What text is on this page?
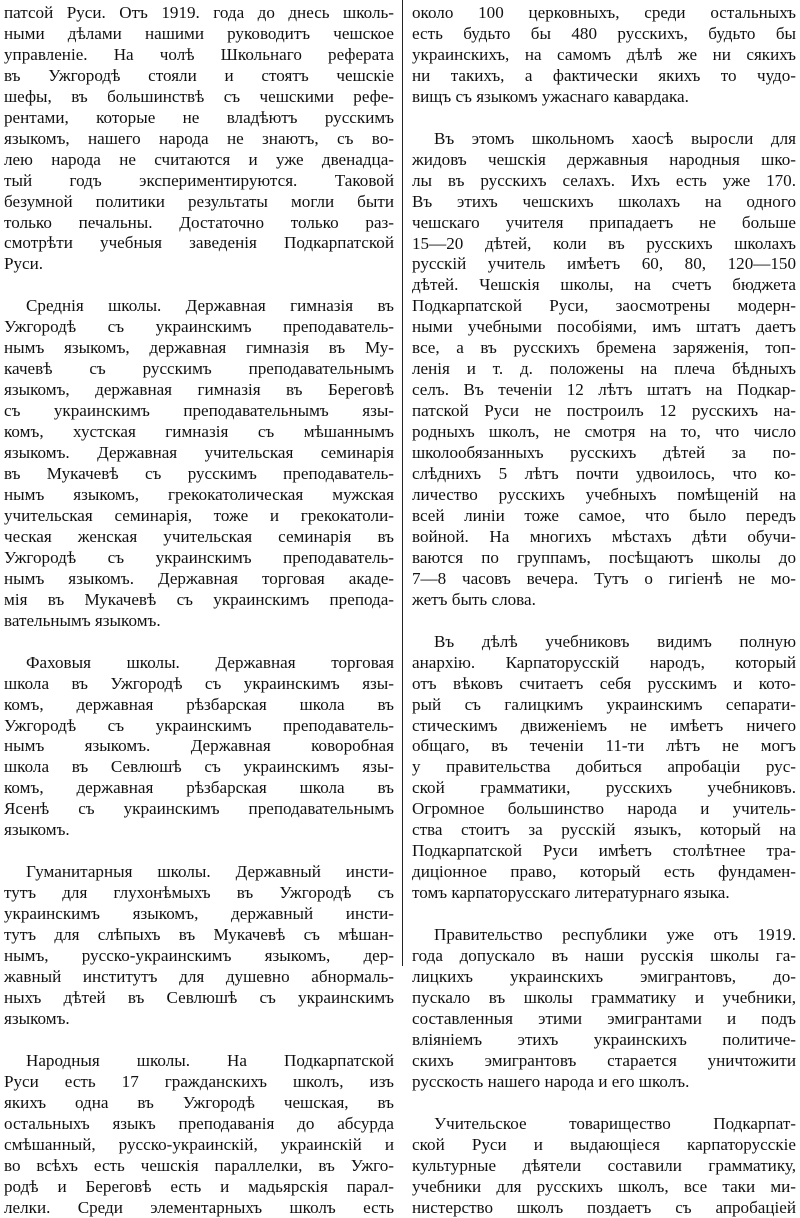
патсой Руси. Отъ 1919. года до днесь школь-
ными дѣлами нашими руководитъ чешское
управленіе. На чолѣ Школьнаго реферата
въ Ужгородѣ стояли и стоятъ чешскіе
шефы, въ большинствѣ съ чешскими рефе-
рентами, которые не владѣютъ русскимъ
языкомъ, нашего народа не знаютъ, съ во-
лею народа не считаются и уже двенадца-
тый годъ экспериментируются. Таковой
безумной политики результаты могли быти
только печальны. Достаточно только раз-
смотрѣти учебныя заведенія Подкарпатской
Руси.
Среднія школы. Державная гимназія въ
Ужгородѣ съ украинскимъ преподаватель-
нымъ языкомъ, державная гимназія въ Му-
качевѣ съ русскимъ преподавательнымъ
языкомъ, державная гимназія въ Береговѣ
съ украинскимъ преподавательнымъ язы-
комъ, хустская гимназія съ мѣшаннымъ
языкомъ. Державная учительская семинарія
въ Мукачевѣ съ русскимъ преподаватель-
нымъ языкомъ, грекокатолическая мужская
учительская семинарія, тоже и грекокатоли-
ческая женская учительская семинарія въ
Ужгородѣ съ украинскимъ преподаватель-
нымъ языкомъ. Державная торговая акаде-
мія въ Мукачевѣ съ украинскимъ препода-
вательнымъ языкомъ.
Фаховыя школы. Державная торговая
школа въ Ужгородѣ съ украинскимъ язы-
комъ, державная рѣзбарская школа въ
Ужгородѣ съ украинскимъ преподаватель-
нымъ языкомъ. Державная коворобная
школа въ Севлюшѣ съ украинскимъ язы-
комъ, державная рѣзбарская школа въ
Ясенѣ съ украинскимъ преподавательнымъ
языкомъ.
Гуманитарныя школы. Державный инсти-
тутъ для глухонѣмыхъ въ Ужгородѣ съ
украинскимъ языкомъ, державный инсти-
тутъ для слѣпыхъ въ Мукачевѣ съ мѣшан-
нымъ, русско-украинскимъ языкомъ, дер-
жавный институтъ для душевно абнормаль-
ныхъ дѣтей въ Севлюшѣ съ украинскимъ
языкомъ.
Народныя школы. На Подкарпатской
Руси есть 17 гражданскихъ школъ, изъ
якихъ одна въ Ужгородѣ чешская, въ
остальныхъ языкъ преподаванія до абсурда
смѣшанный, русско-украинскій, украинскій и
во всѣхъ есть чешскія параллелки, въ Ужго-
родѣ и Береговѣ есть и мадьярскія парал-
лелки. Среди элементарныхъ школъ есть
около 100 церковныхъ, среди остальныхъ
есть будьто бы 480 русскихъ, будьто бы
украинскихъ, на самомъ дѣлѣ же ни сякихъ
ни такихъ, а фактически якихъ то чудо-
вищъ съ языкомъ ужаснаго кавардака.
Въ этомъ школьномъ хаосѣ выросли для
жидовъ чешскія державныя народныя шко-
лы въ русскихъ селахъ. Ихъ есть уже 170.
Въ этихъ чешскихъ школахъ на одного
чешскаго учителя припадаетъ не больше
15—20 дѣтей, коли въ русскихъ школахъ
русскій учитель имѣетъ 60, 80, 120—150
дѣтей. Чешскія школы, на счетъ бюджета
Подкарпатской Руси, заосмотрены модерн-
ными учебными пособіями, имъ штатъ даетъ
все, а въ русскихъ бремена заряженія, топ-
ленія и т. д. положены на плеча бѣдныхъ
селъ. Въ теченіи 12 лѣтъ штатъ на Подкар-
патской Руси не построилъ 12 русскихъ на-
родныхъ школъ, не смотря на то, что число
школообязанныхъ русскихъ дѣтей за по-
слѣднихъ 5 лѣтъ почти удвоилось, что ко-
личество русскихъ учебныхъ помѣщеній на
всей линіи тоже самое, что было передъ
войной. На многихъ мѣстахъ дѣти обучи-
ваются по группамъ, посѣщаютъ школы до
7—8 часовъ вечера. Тутъ о гигіенѣ не мо-
жетъ быть слова.
Въ дѣлѣ учебниковъ видимъ полную
анархію. Карпаторусскій народъ, который
отъ вѣковъ считаетъ себя русскимъ и кото-
рый съ галицкимъ украинскимъ сепарати-
стическимъ движеніемъ не имѣетъ ничего
общаго, въ теченіи 11-ти лѣтъ не могъ
у правительства добиться апробаціи рус-
ской грамматики, русскихъ учебниковъ.
Огромное большинство народа и учитель-
ства стоитъ за русскій языкъ, который на
Подкарпатской Руси имѣетъ столѣтнее тра-
диціонное право, который есть фундамен-
томъ карпаторусскаго литературнаго языка.
Правительство республики уже отъ 1919.
года допускало въ наши русскія школы га-
лицкихъ украинскихъ эмигрантовъ, до-
пускало въ школы грамматику и учебники,
составленныя этими эмигрантами и подъ
вліяніемъ этихъ украинскихъ политиче-
скихъ эмигрантовъ старается уничтожити
русскость нашего народа и его школъ.
Учительское товарищество Подкарпат-
ской Руси и выдающіеся карпаторусскіе
культурные дѣятели составили грамматику,
учебники для русскихъ школъ, все таки ми-
нистерство школъ поздаетъ съ апробаціей
